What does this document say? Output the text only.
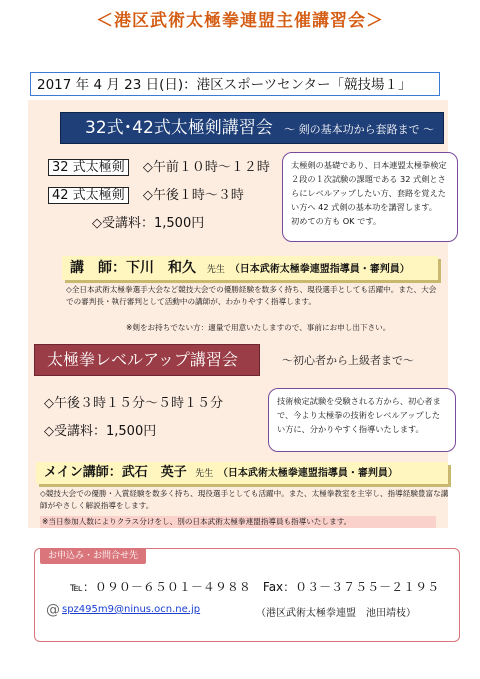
＜港区武術太極拳連盟主催講習会＞
2017 年 4 月 23 日(日)：港区スポーツセンター「競技場１」
32式･42式太極剣講習会 ～ 剣の基本功から套路まで ～
32 式太極剣 ◇午前１０時～１２時
42 式太極剣 ◇午後１時～３時
◇受講料：1,500円
太極剣の基礎であり、日本連盟太極拳検定２段の１次試験の課題である 32 式剣とさらにレベルアップしたい方、套路を覚えたい方へ 42 式剣の基本功を講習します。　初めての方も OK です。
講　師：下川　和久 先生 （日本武術太極拳連盟指導員・審判員）
◇全日本武術太極拳選手大会など競技大会での優勝経験を数多く持ち、現役選手としても活躍中。また、大会での審判長・執行審判として活動中の講師が、わかりやすく指導します。
※剣をお持ちでない方：適量で用意いたしますので、事前にお申し出下さい。
太極拳レベルアップ講習会	～初心者から上級者まで～
◇午後３時１５分～５時１５分
◇受講料：1,500円
技術検定試験を受験される方から、初心者まで、今より太極拳の技術をレベルアップしたい方に、分かりやすく指導いたします。
メイン講師：武石　英子 先生 （日本武術太極拳連盟指導員・審判員）
◇競技大会での優勝・入賞経験を数多く持ち、現役選手としても活躍中。また、太極拳教室を主宰し、指導経験豊富な講師がやさしく解説指導をします。
※当日参加人数によりクラス分けをし、別の日本武術太極拳連盟指導員も指導いたします。
お申込み・お問合せ先
℡：０９０－６５０１－４９８８　Fax：０３－３７５５－２１９５
@ spz495m9@ninus.ocn.ne.jp	（港区武術太極拳連盟　池田靖枝）
